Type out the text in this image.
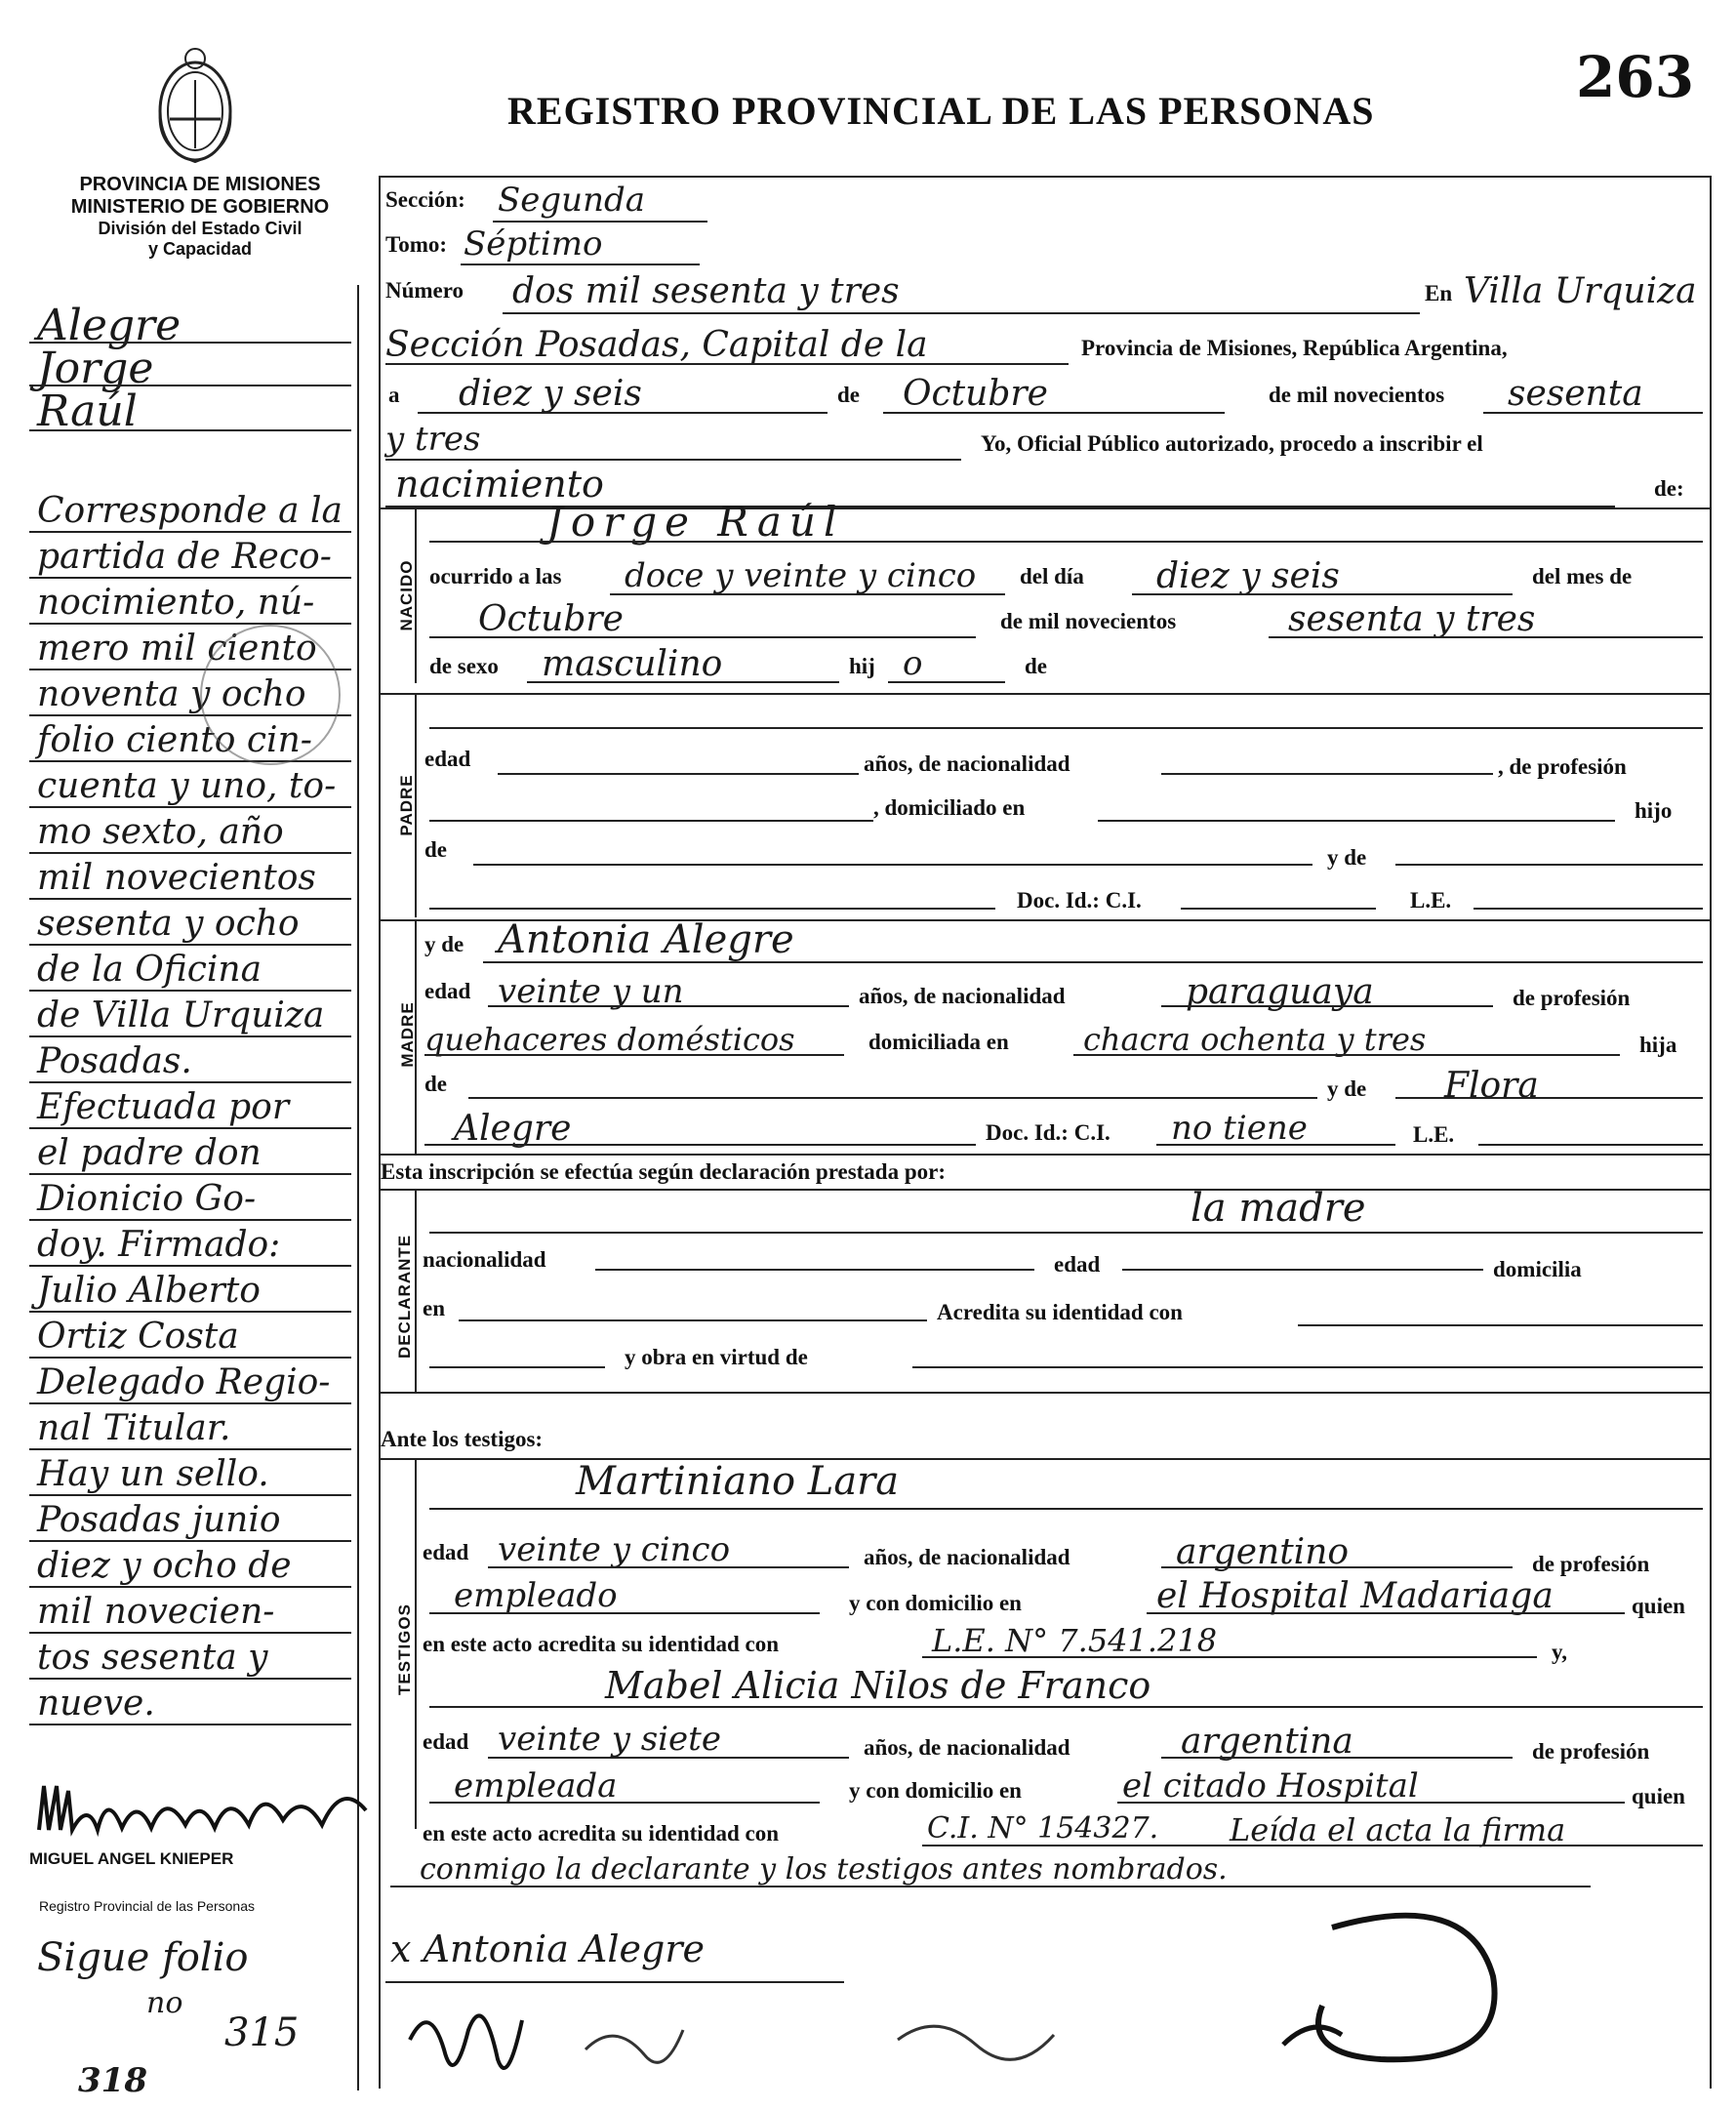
REGISTRO PROVINCIAL DE LAS PERSONAS
263
PROVINCIA DE MISIONES
MINISTERIO DE GOBIERNO
División del Estado Civil
y Capacidad
Alegre
Jorge
Raúl
Corresponde a la
partida de Reco-
nocimiento, nú-
mero mil ciento
noventa y ocho
folio ciento cin-
cuenta y uno, to-
mo sexto, año
mil novecientos
sesenta y ocho
de la Oficina
de Villa Urquiza
Posadas.
Efectuada por
el padre don
Dionicio Go-
doy. Firmado:
Julio Alberto
Ortiz Costa
Delegado Regio-
nal Titular.
Hay un sello.
Posadas junio
diez y ocho de
mil novecien-
tos sesenta y
nueve.
MIGUEL ANGEL KNIEPER
Registro Provincial de las Personas
Sigue folio
no
315
318
Sección: Segunda
Tomo: Séptimo
Número dos mil sesenta y tres	En Villa Urquiza
Sección Posadas, Capital de la	Provincia de Misiones, República Argentina,
a diez y seis	de Octubre	de mil novecientos sesenta
y tres	Yo, Oficial Público autorizado, procedo a inscribir el
nacimiento	de:
NACIDO
Jorge Raúl
ocurrido a las doce y veinte y cinco del día diez y seis	del mes de
Octubre	de mil novecientos	sesenta y tres
de sexo masculino	hij o	de
PADRE
edad	años, de nacionalidad	, de profesión
, domiciliado en	hijo
de	y de
Doc. Id.: C.I.	L.E.
MADRE
y de Antonia Alegre
edad veinte y un	años, de nacionalidad	paraguaya	de profesión
quehaceres domésticos	domiciliada en chacra ochenta y tres	hija
de	y de Flora
Alegre	Doc. Id.: C.I. no tiene	L.E.
Esta inscripción se efectúa según declaración prestada por:
DECLARANTE
la madre
nacionalidad	edad	domicilia
en	Acredita su identidad con
y obra en virtud de
Ante los testigos:
TESTIGOS
Martiniano Lara
edad veinte y cinco	años, de nacionalidad	argentino	de profesión
empleado	y con domicilio en	el Hospital Madariaga	quien
en este acto acredita su identidad con	L.E. N° 7.541.218	y,
Mabel Alicia Nilos de Franco
edad veinte y siete	años, de nacionalidad	argentina	de profesión
empleada	y con domicilio en	el citado Hospital	quien
en este acto acredita su identidad con	C.I. N° 154327. Leída el acta la firma
conmigo la declarante y los testigos antes nombrados.
x Antonia Alegre
